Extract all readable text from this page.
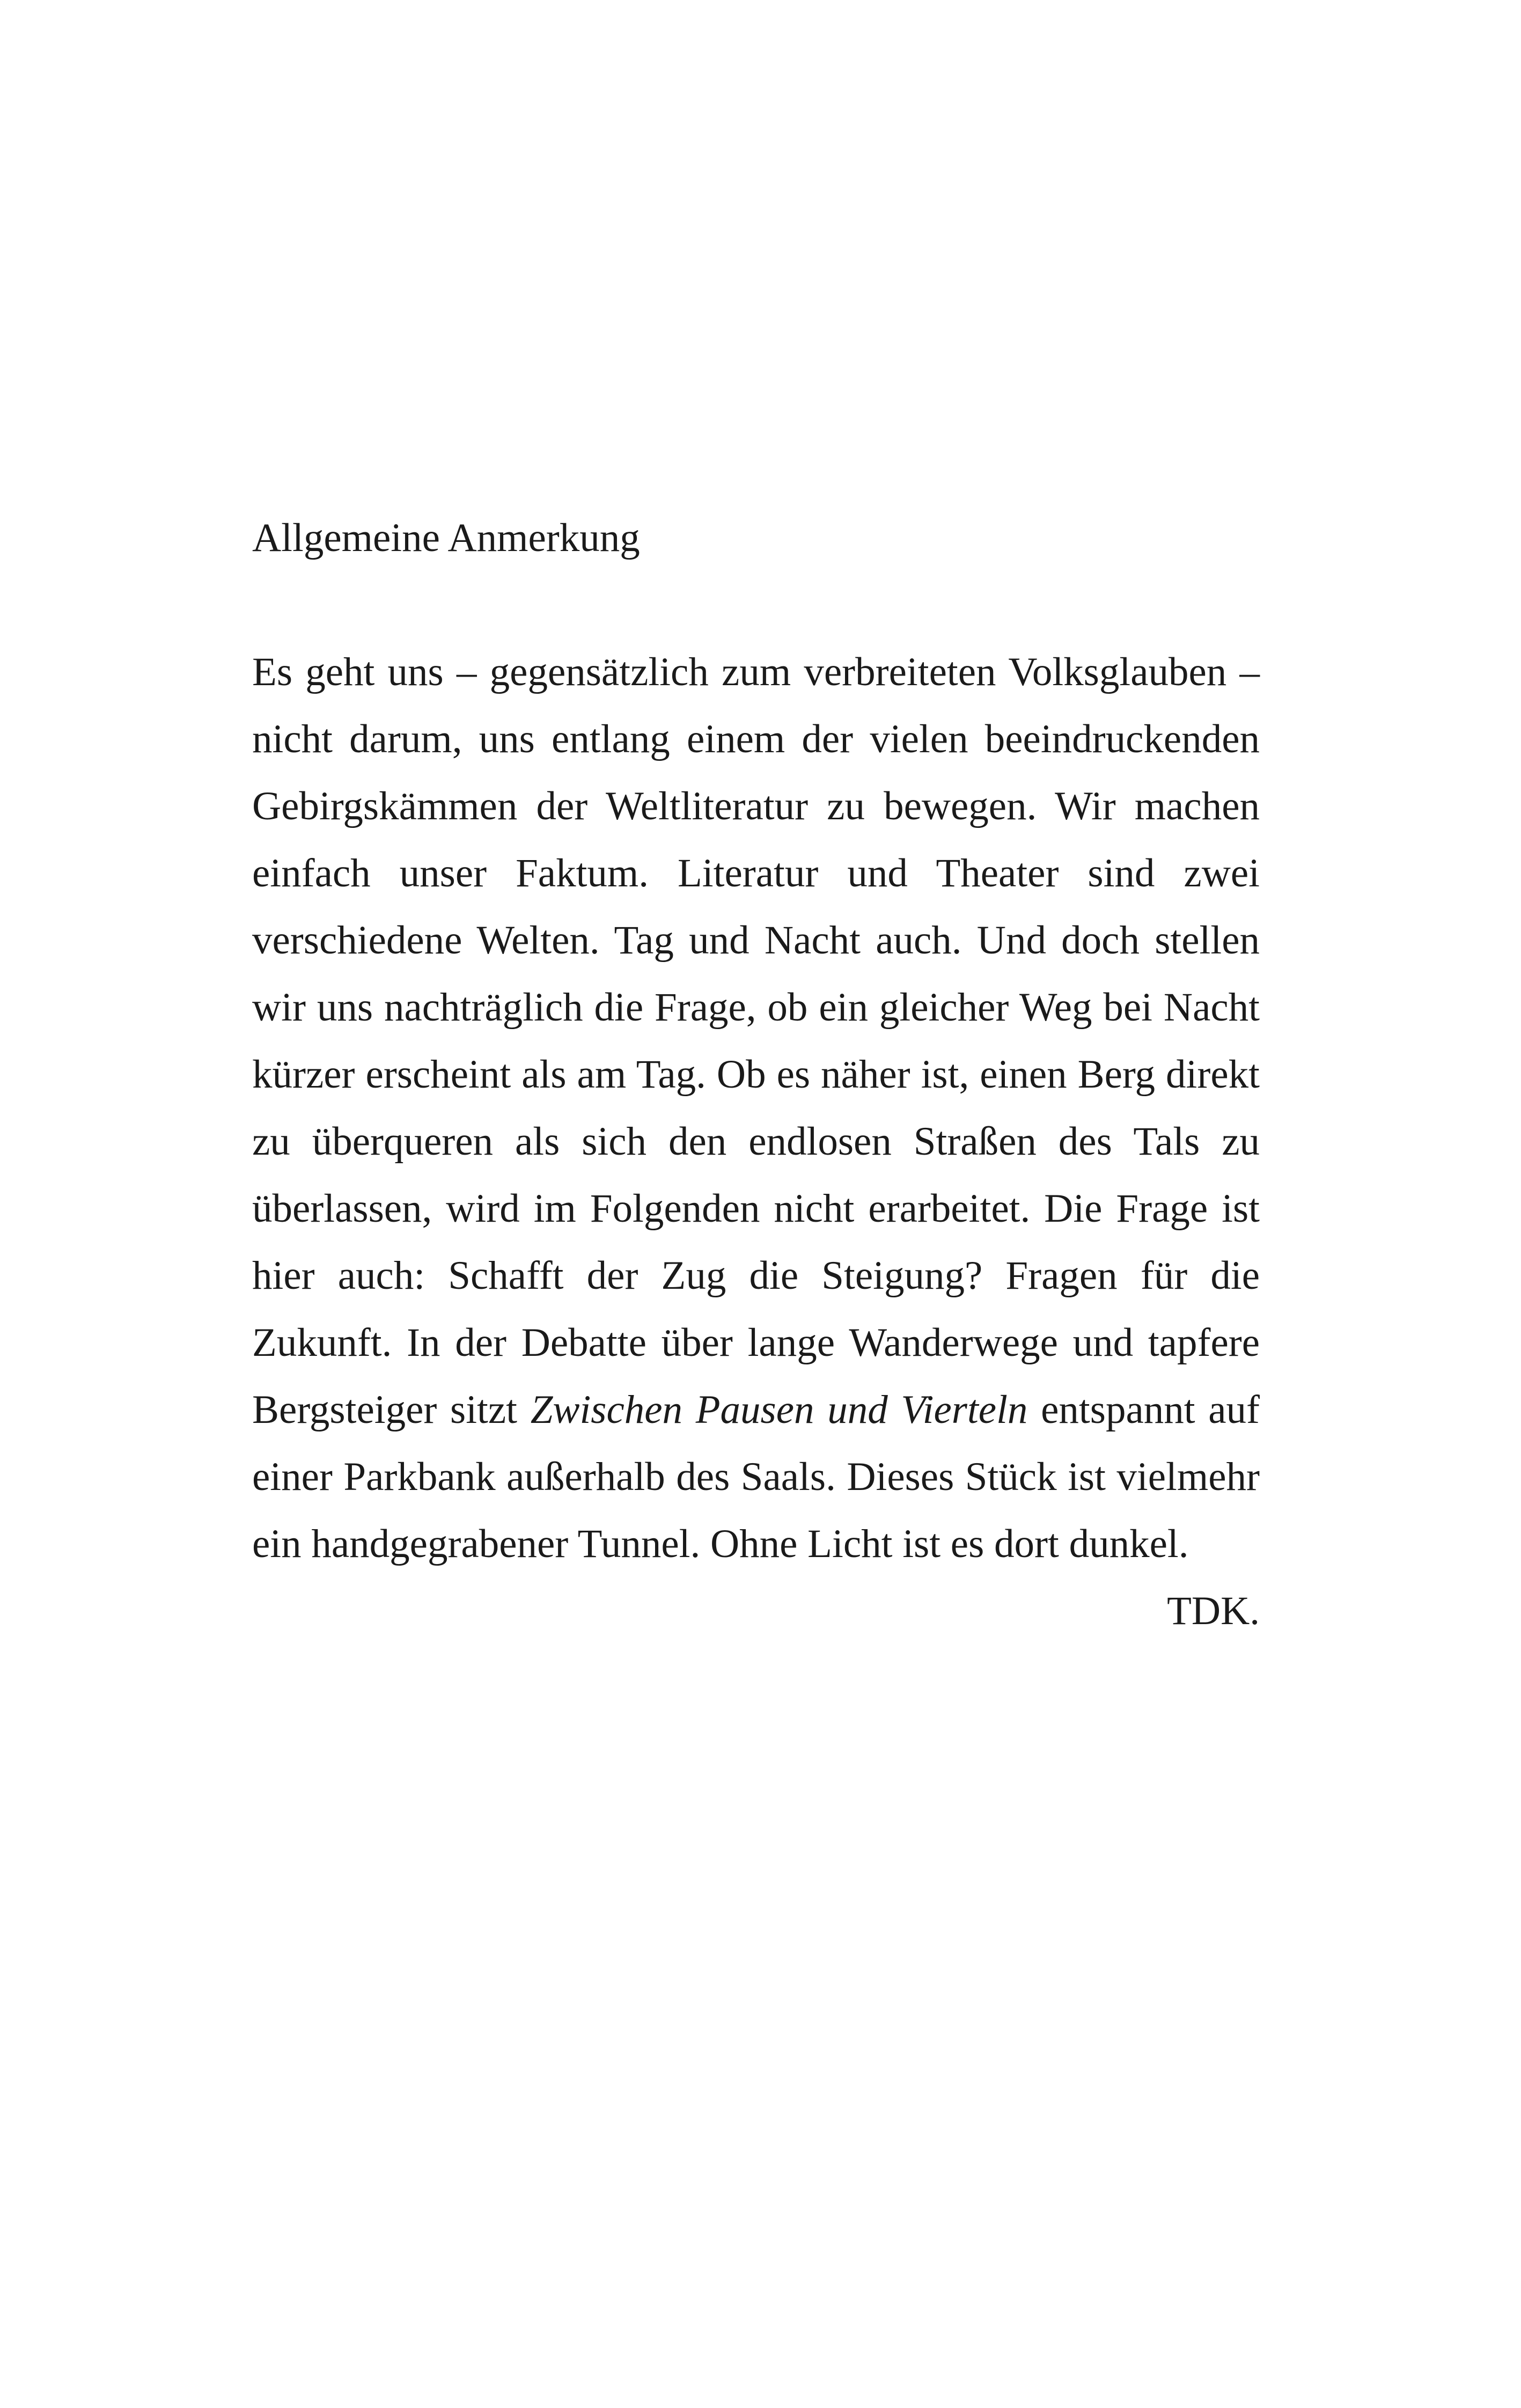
Allgemeine Anmerkung

Es geht uns – gegensätzlich zum verbreiteten Volksglauben – nicht darum, uns entlang einem der vielen beeindruckenden Gebirgskämmen der Weltliteratur zu bewegen. Wir machen einfach unser Faktum. Literatur und Theater sind zwei verschiedene Welten. Tag und Nacht auch. Und doch stellen wir uns nachträglich die Frage, ob ein gleicher Weg bei Nacht kürzer erscheint als am Tag. Ob es näher ist, einen Berg direkt zu überqueren als sich den endlosen Straßen des Tals zu überlassen, wird im Folgenden nicht erarbeitet. Die Frage ist hier auch: Schafft der Zug die Steigung? Fragen für die Zukunft. In der Debatte über lange Wanderwege und tapfere Bergsteiger sitzt Zwischen Pausen und Vierteln entspannt auf einer Parkbank außerhalb des Saals. Dieses Stück ist vielmehr ein handgegrabener Tunnel. Ohne Licht ist es dort dunkel.

TDK.
